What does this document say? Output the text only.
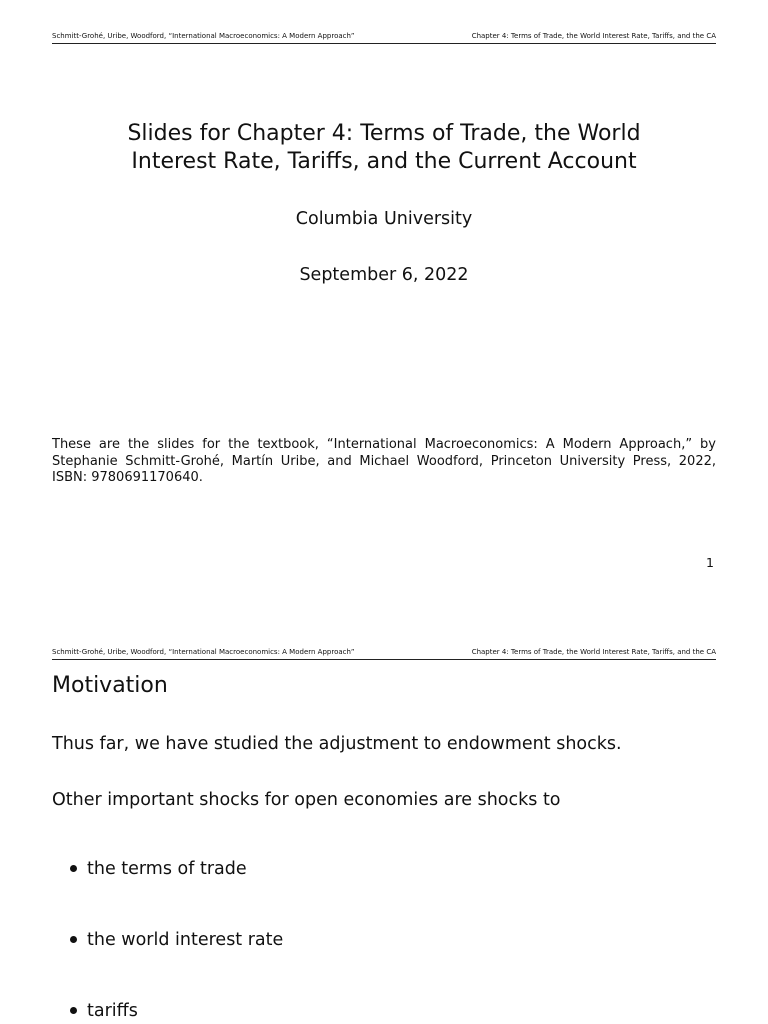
Schmitt-Grohé, Uribe, Woodford, “International Macroeconomics: A Modern Approach”	Chapter 4: Terms of Trade, the World Interest Rate, Tariffs, and the CA
Slides for Chapter 4: Terms of Trade, the World
Interest Rate, Tariffs, and the Current Account
Columbia University
September 6, 2022

These are the slides for the textbook, “International Macroeconomics: A Modern Approach,” by Stephanie Schmitt-Grohé, Martín Uribe, and Michael Woodford, Princeton University Press, 2022, ISBN: 9780691170640.

1
Schmitt-Grohé, Uribe, Woodford, “International Macroeconomics: A Modern Approach”	Chapter 4: Terms of Trade, the World Interest Rate, Tariffs, and the CA
Motivation

Thus far, we have studied the adjustment to endowment shocks.

Other important shocks for open economies are shocks to

the terms of trade
the world interest rate
tariffs
